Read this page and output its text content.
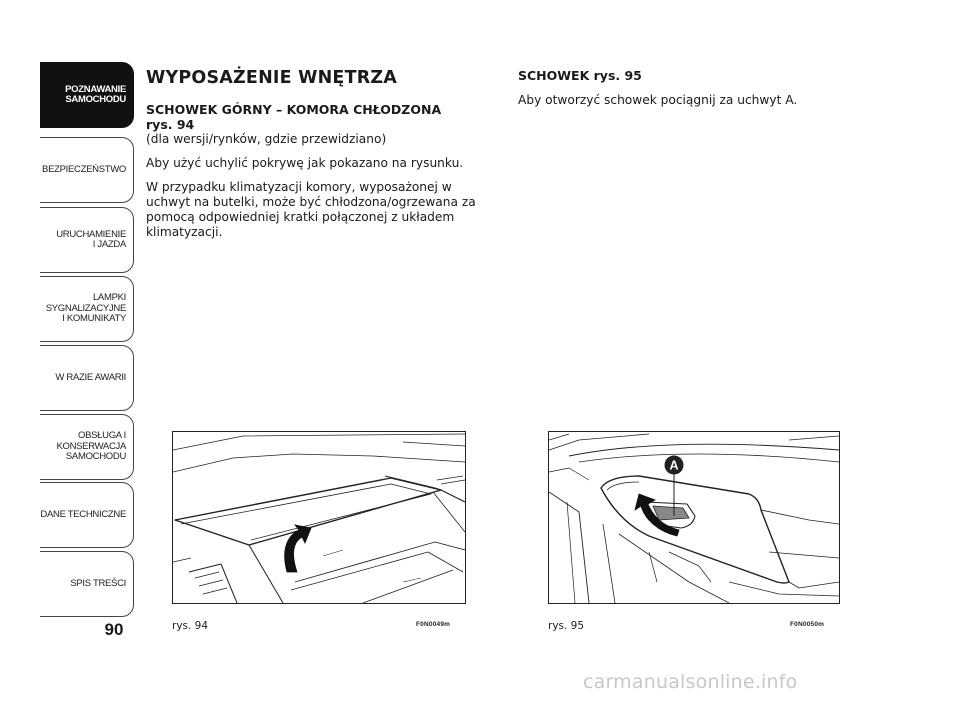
POZNAWANIE
SAMOCHODU
BEZPIECZEŃSTWO
URUCHAMIENIE
I JAZDA
LAMPKI
SYGNALIZACYJNE
I KOMUNIKATY
W RAZIE AWARII
OBSŁUGA I
KONSERWACJA
SAMOCHODU
DANE TECHNICZNE
SPIS TREŚCI
90
WYPOSAŻENIE WNĘTRZA

SCHOWEK GÓRNY – KOMORA CHŁODZONA

rys. 94

(dla wersji/rynków, gdzie przewidziano)

Aby użyć uchylić pokrywę jak pokazano na rysunku.

W przypadku klimatyzacji komory, wyposażonej w uchwyt na butelki, może być chłodzona/ogrzewana za pomocą odpowiedniej kratki połączonej z układem klimatyzacji.

SCHOWEK rys. 95

Aby otworzyć schowek pociągnij za uchwyt A.

rys. 94	F0N0049m
A
rys. 95	F0N0050m
carmanualsonline.info
